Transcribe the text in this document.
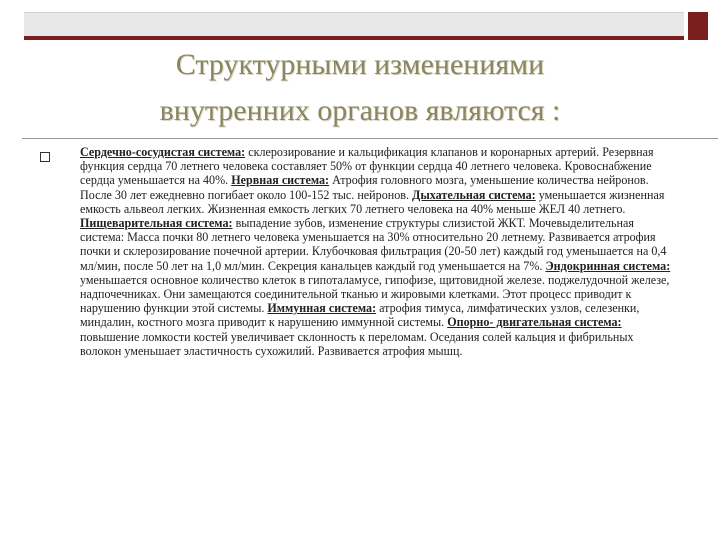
Структурными изменениями
внутренних органов являются :
Сердечно-сосудистая система: склерозирование и кальцификация клапанов и коронарных артерий. Резервная функция сердца 70 летнего человека составляет 50% от функции сердца 40 летнего человека. Кровоснабжение сердца уменьшается на 40%. Нервная система: Атрофия головного мозга, уменьшение количества нейронов. После 30 лет ежедневно погибает около 100-152 тыс. нейронов. Дыхательная система: уменьшается жизненная емкость альвеол легких. Жизненная емкость легких 70 летнего человека на 40% меньше ЖЕЛ 40 летнего. Пищеварительная система: выпадение зубов, изменение структуры слизистой ЖКТ. Мочевыделительная система: Масса почки 80 летнего человека уменьшается на 30% относительно 20 летнему. Развивается атрофия почки и склерозирование почечной артерии. Клубочковая фильтрация (20-50 лет) каждый год уменьшается на 0,4 мл/мин, после 50 лет на 1,0 мл/мин. Секреция канальцев каждый год уменьшается на 7%. Эндокринная система: уменьшается основное количество клеток в гипоталамусе, гипофизе, щитовидной железе. поджелудочной железе, надпочечниках. Они замещаются соединительной тканью и жировыми клетками. Этот процесс приводит к нарушению функции этой системы. Иммунная система: атрофия тимуса, лимфатических узлов, селезенки, миндалин, костного мозга приводит к нарушению иммунной системы. Опорно- двигательная система: повышение ломкости костей увеличивает склонность к переломам. Оседания солей кальция и фибрильных волокон уменьшает эластичность сухожилий. Развивается атрофия мышц.
